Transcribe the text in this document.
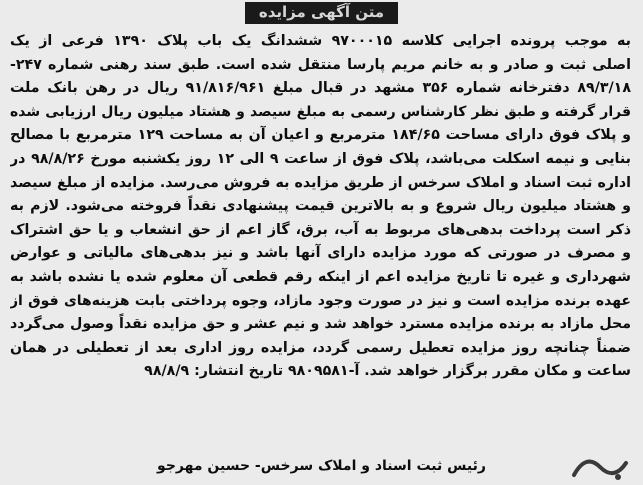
متن آگهی مزایده
به موجب پرونده اجرایی کلاسه ۹۷۰۰۰۱۵ ششدانگ یک باب پلاک ۱۳۹۰ فرعی از یک
اصلی ثبت و صادر و به خانم مریم پارسا منتقل شده است. طبق سند رهنی شماره ۲۴۷-
۸۹/۳/۱۸ دفترخانه شماره ۳۵۶ مشهد در قبال مبلغ ۹۱/۸۱۶/۹۶۱ ریال در رهن بانک ملت
قرار گرفته و طبق نظر کارشناس رسمی به مبلغ سیصد و هشتاد میلیون ریال ارزیابی شده
و پلاک فوق دارای مساحت ۱۸۴/۶۵ مترمربع و اعیان آن به مساحت ۱۲۹ مترمربع با مصالح
بنایی و نیمه اسکلت می‌باشد، پلاک فوق از ساعت ۹ الی ۱۲ روز یکشنبه مورخ ۹۸/۸/۲۶ در
اداره ثبت اسناد و املاک سرخس از طریق مزایده به فروش می‌رسد. مزایده از مبلغ سیصد
و هشتاد میلیون ریال شروع و به بالاترین قیمت پیشنهادی نقداً فروخته می‌شود. لازم به
ذکر است پرداخت بدهی‌های مربوط به آب، برق، گاز اعم از حق انشعاب و یا حق اشتراک
و مصرف در صورتی که مورد مزایده دارای آنها باشد و نیز بدهی‌های مالیاتی و عوارض
شهرداری و غیره تا تاریخ مزایده اعم از اینکه رقم قطعی آن معلوم شده یا نشده باشد به
عهده برنده مزایده است و نیز در صورت وجود مازاد، وجوه پرداختی بابت هزینه‌های فوق از
محل مازاد به برنده مزایده مسترد خواهد شد و نیم عشر و حق مزایده نقداً وصول می‌گردد
ضمناً چنانچه روز مزایده تعطیل رسمی گردد، مزایده روز اداری بعد از تعطیلی در همان
ساعت و مکان مقرر برگزار خواهد شد. آ-۹۸۰۹۵۸۱ تاریخ انتشار: ۹۸/۸/۹
رئیس ثبت اسناد و املاک سرخس- حسین مهرجو
